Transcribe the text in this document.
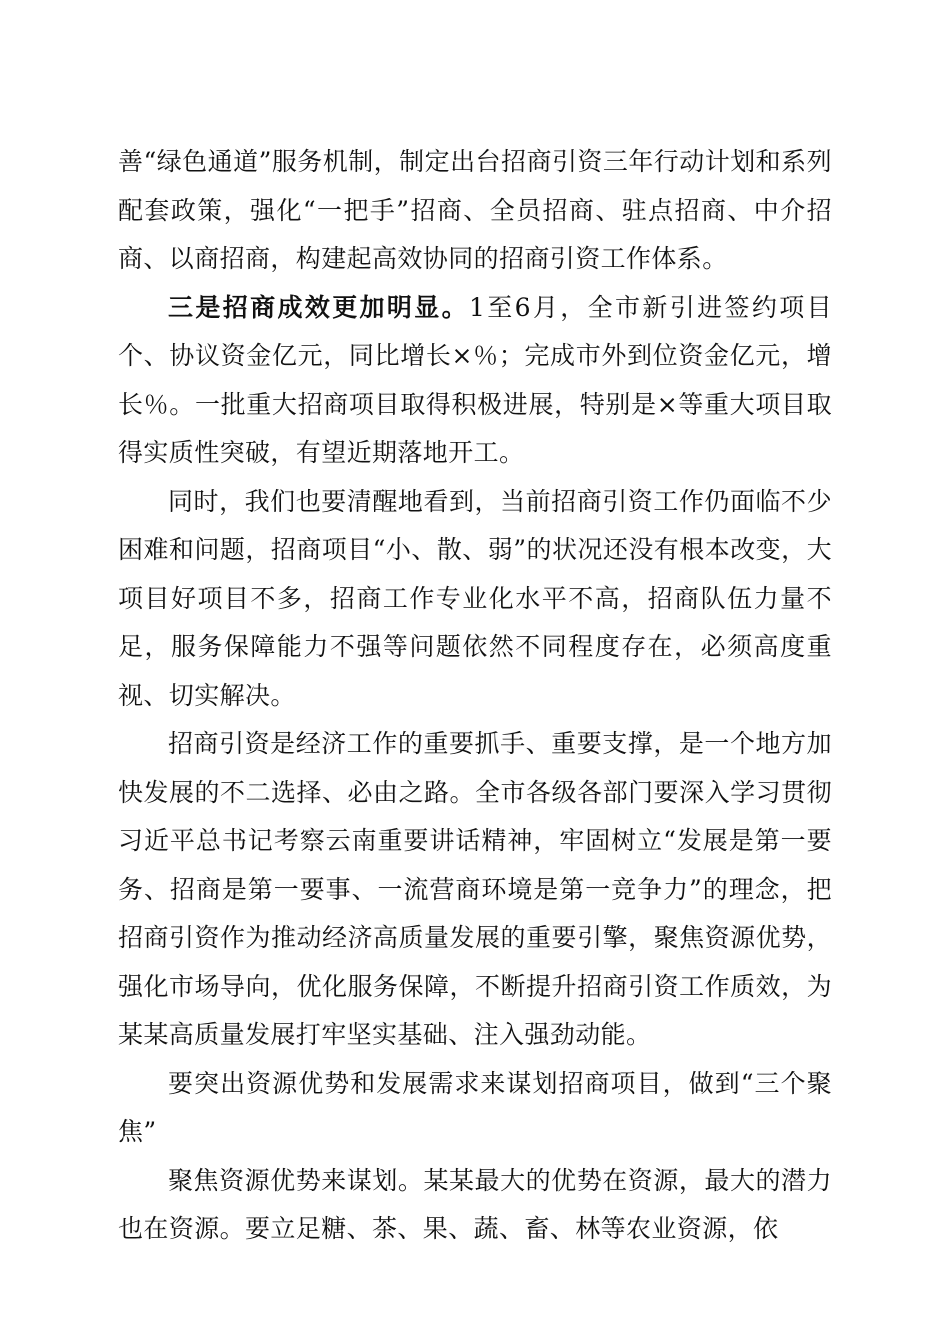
善“绿色通道”服务机制，制定出台招商引资三年行动计划和系列配套政策，强化“一把手”招商、全员招商、驻点招商、中介招商、以商招商，构建起高效协同的招商引资工作体系。

三是招商成效更加明显。1至6月，全市新引进签约项目个、协议资金亿元，同比增长×％；完成市外到位资金亿元，增长％。一批重大招商项目取得积极进展，特别是×等重大项目取得实质性突破，有望近期落地开工。

同时，我们也要清醒地看到，当前招商引资工作仍面临不少困难和问题，招商项目“小、散、弱”的状况还没有根本改变，大项目好项目不多，招商工作专业化水平不高，招商队伍力量不足，服务保障能力不强等问题依然不同程度存在，必须高度重视、切实解决。

招商引资是经济工作的重要抓手、重要支撑，是一个地方加快发展的不二选择、必由之路。全市各级各部门要深入学习贯彻习近平总书记考察云南重要讲话精神，牢固树立“发展是第一要务、招商是第一要事、一流营商环境是第一竞争力”的理念，把招商引资作为推动经济高质量发展的重要引擎，聚焦资源优势，强化市场导向，优化服务保障，不断提升招商引资工作质效，为某某高质量发展打牢坚实基础、注入强劲动能。

要突出资源优势和发展需求来谋划招商项目，做到“三个聚焦”

聚焦资源优势来谋划。某某最大的优势在资源，最大的潜力也在资源。要立足糖、茶、果、蔬、畜、林等农业资源，依
